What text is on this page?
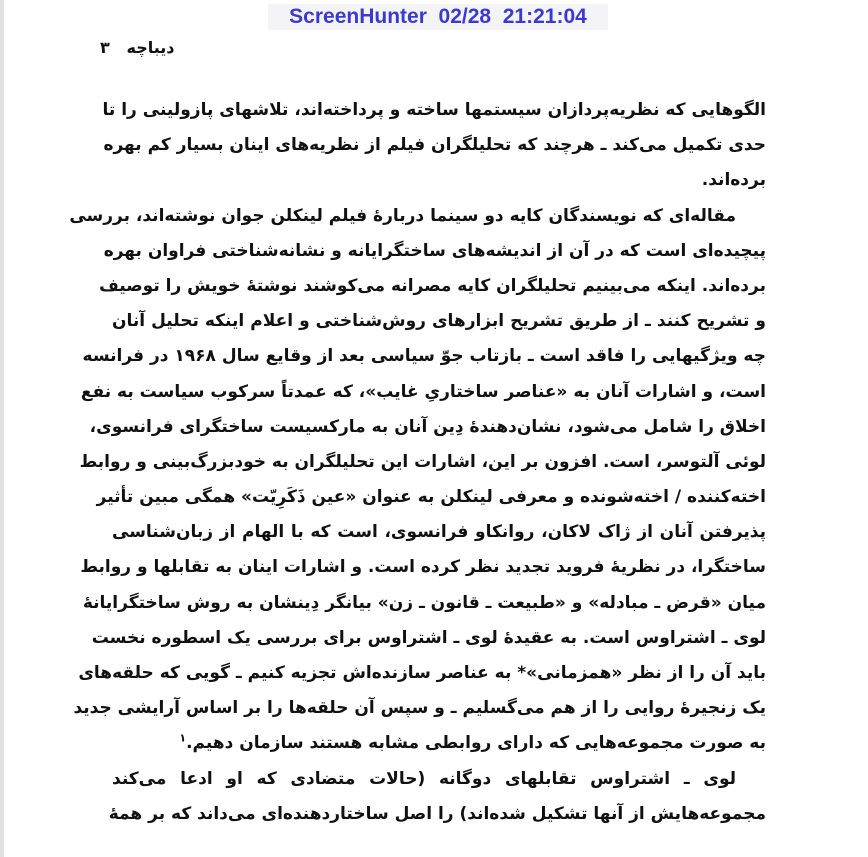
ScreenHunter  02/28  21:21:04
دیباچه   ۳
الگوهایی که نظریه‌پردازان سیستمها ساخته و پرداخته‌اند، تلاشهای پازولینی را تا
حدی تکمیل می‌کند ـ هرچند که تحلیلگران فیلم از نظریه‌های اینان بسیار کم بهره
برده‌اند.
مقاله‌ای که نویسندگان کایه دو سینما دربارهٔ فیلم لینکلن جوان نوشته‌اند، بررسی
پیچیده‌ای است که در آن از اندیشه‌های ساختگرایانه و نشانه‌شناختی فراوان بهره
برده‌اند. اینکه می‌بینیم تحلیلگران کایه مصرانه می‌کوشند نوشتهٔ خویش را توصیف
و تشریح کنند ـ از طریق تشریح ابزارهای روش‌شناختی و اعلام اینکه تحلیل آنان
چه ویژگیهایی را فاقد است ـ بازتاب جوّ سیاسی بعد از وقایع سال ۱۹۶۸ در فرانسه
است، و اشارات آنان به «عناصر ساختاریِ غایب»، که عمدتاً سرکوب سیاست به نفع
اخلاق را شامل می‌شود، نشان‌دهندهٔ دِین آنان به مارکسیست ساختگرای فرانسوی،
لوئی آلتوسر، است. افزون بر این، اشارات این تحلیلگران به خودبزرگ‌بینی و روابط
اخته‌کننده / اخته‌شونده و معرفی لینکلن به عنوان «عین ذَکَرِیّت» همگی مبین تأثیر
پذیرفتن آنان از ژاک لاکان، روانکاو فرانسوی، است که با الهام از زبان‌شناسی
ساختگرا، در نظریهٔ فروید تجدید نظر کرده است. و اشارات اینان به تقابلها و روابط
میان «قرض ـ مبادله» و «طبیعت ـ قانون ـ زن» بیانگر دِینشان به روش ساختگرایانهٔ
لوی ـ اشتراوس است. به عقیدهٔ لوی ـ اشتراوس برای بررسی یک اسطوره نخست
باید آن را از نظر «همزمانی»* به عناصر سازنده‌اش تجزیه کنیم ـ گویی که حلقه‌های
یک زنجیرهٔ روایی را از هم می‌گسلیم ـ و سپس آن حلقه‌ها را بر اساس آرایشی جدید
به صورت مجموعه‌هایی که دارای روابطی مشابه هستند سازمان دهیم.$^۱$
لوی ـ اشتراوس تقابلهای دوگانه (حالات متضادی که او ادعا می‌کند
مجموعه‌هایش از آنها تشکیل شده‌اند) را اصل ساختاردهنده‌ای می‌داند که بر همهٔ
